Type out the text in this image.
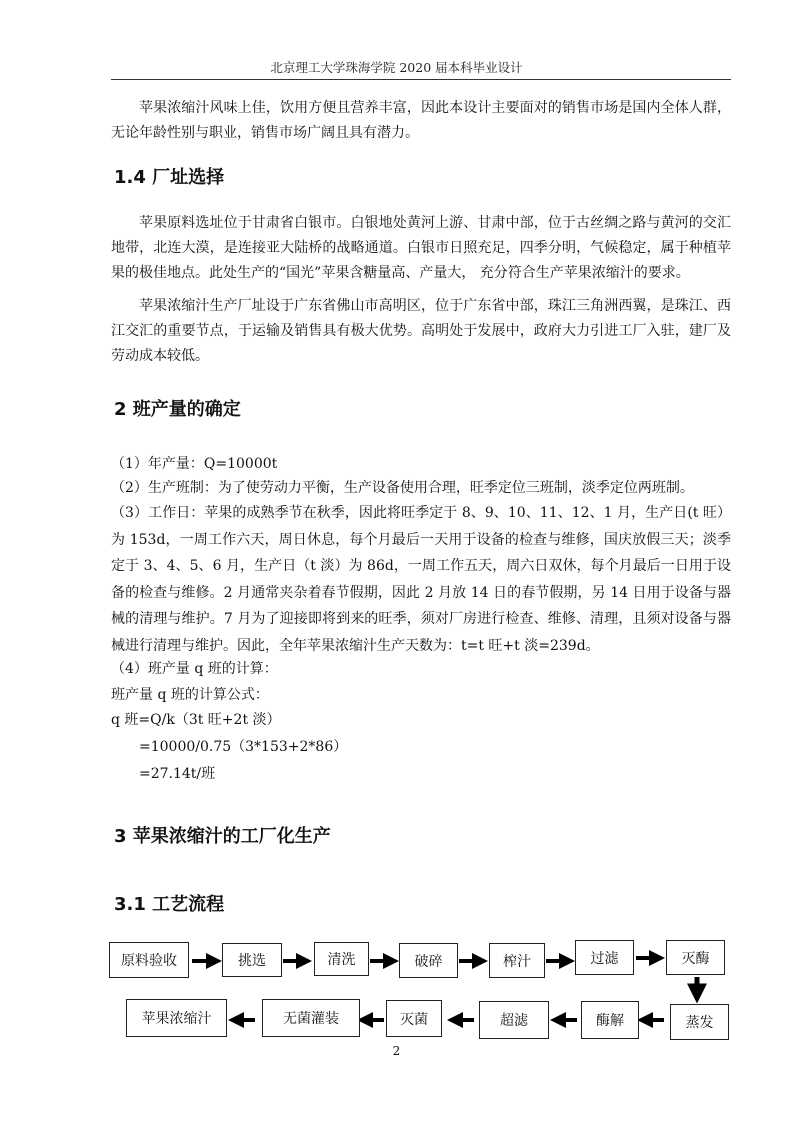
北京理工大学珠海学院 2020 届本科毕业设计

苹果浓缩汁风味上佳，饮用方便且营养丰富，因此本设计主要面对的销售市场是国内全体人群，无论年龄性别与职业，销售市场广阔且具有潜力。

1.4 厂址选择

苹果原料选址位于甘肃省白银市。白银地处黄河上游、甘肃中部，位于古丝绸之路与黄河的交汇地带，北连大漠，是连接亚大陆桥的战略通道。白银市日照充足，四季分明，气候稳定，属于种植苹果的极佳地点。此处生产的“国光”苹果含糖量高、产量大， 充分符合生产苹果浓缩汁的要求。

苹果浓缩汁生产厂址设于广东省佛山市高明区，位于广东省中部，珠江三角洲西翼，是珠江、西江交汇的重要节点，于运输及销售具有极大优势。高明处于发展中，政府大力引进工厂入驻，建厂及劳动成本较低。

2 班产量的确定
（1）年产量：Q=10000t
（2）生产班制：为了使劳动力平衡，生产设备使用合理，旺季定位三班制，淡季定位两班制。

（3）工作日：苹果的成熟季节在秋季，因此将旺季定于 8、9、10、11、12、1 月，生产日(t 旺）为 153d，一周工作六天，周日休息，每个月最后一天用于设备的检查与维修，国庆放假三天；淡季定于 3、4、5、6 月，生产日（t 淡）为 86d，一周工作五天，周六日双休，每个月最后一日用于设备的检查与维修。2 月通常夹杂着春节假期，因此 2 月放 14 日的春节假期，另 14 日用于设备与器械的清理与维护。7 月为了迎接即将到来的旺季，须对厂房进行检查、维修、清理，且须对设备与器械进行清理与维护。因此，全年苹果浓缩汁生产天数为：t=t 旺+t 淡=239d。

（4）班产量 q 班的计算：
班产量 q 班的计算公式：
q 班=Q/k（3t 旺+2t 淡）
=10000/0.75（3*153+2*86）
=27.14t/班
3 苹果浓缩汁的工厂化生产
3.1 工艺流程
原料验收	挑选	清洗	破碎	榨汁	过滤	灭酶
苹果浓缩汁	无菌灌装	灭菌	超滤	酶解	蒸发
2
